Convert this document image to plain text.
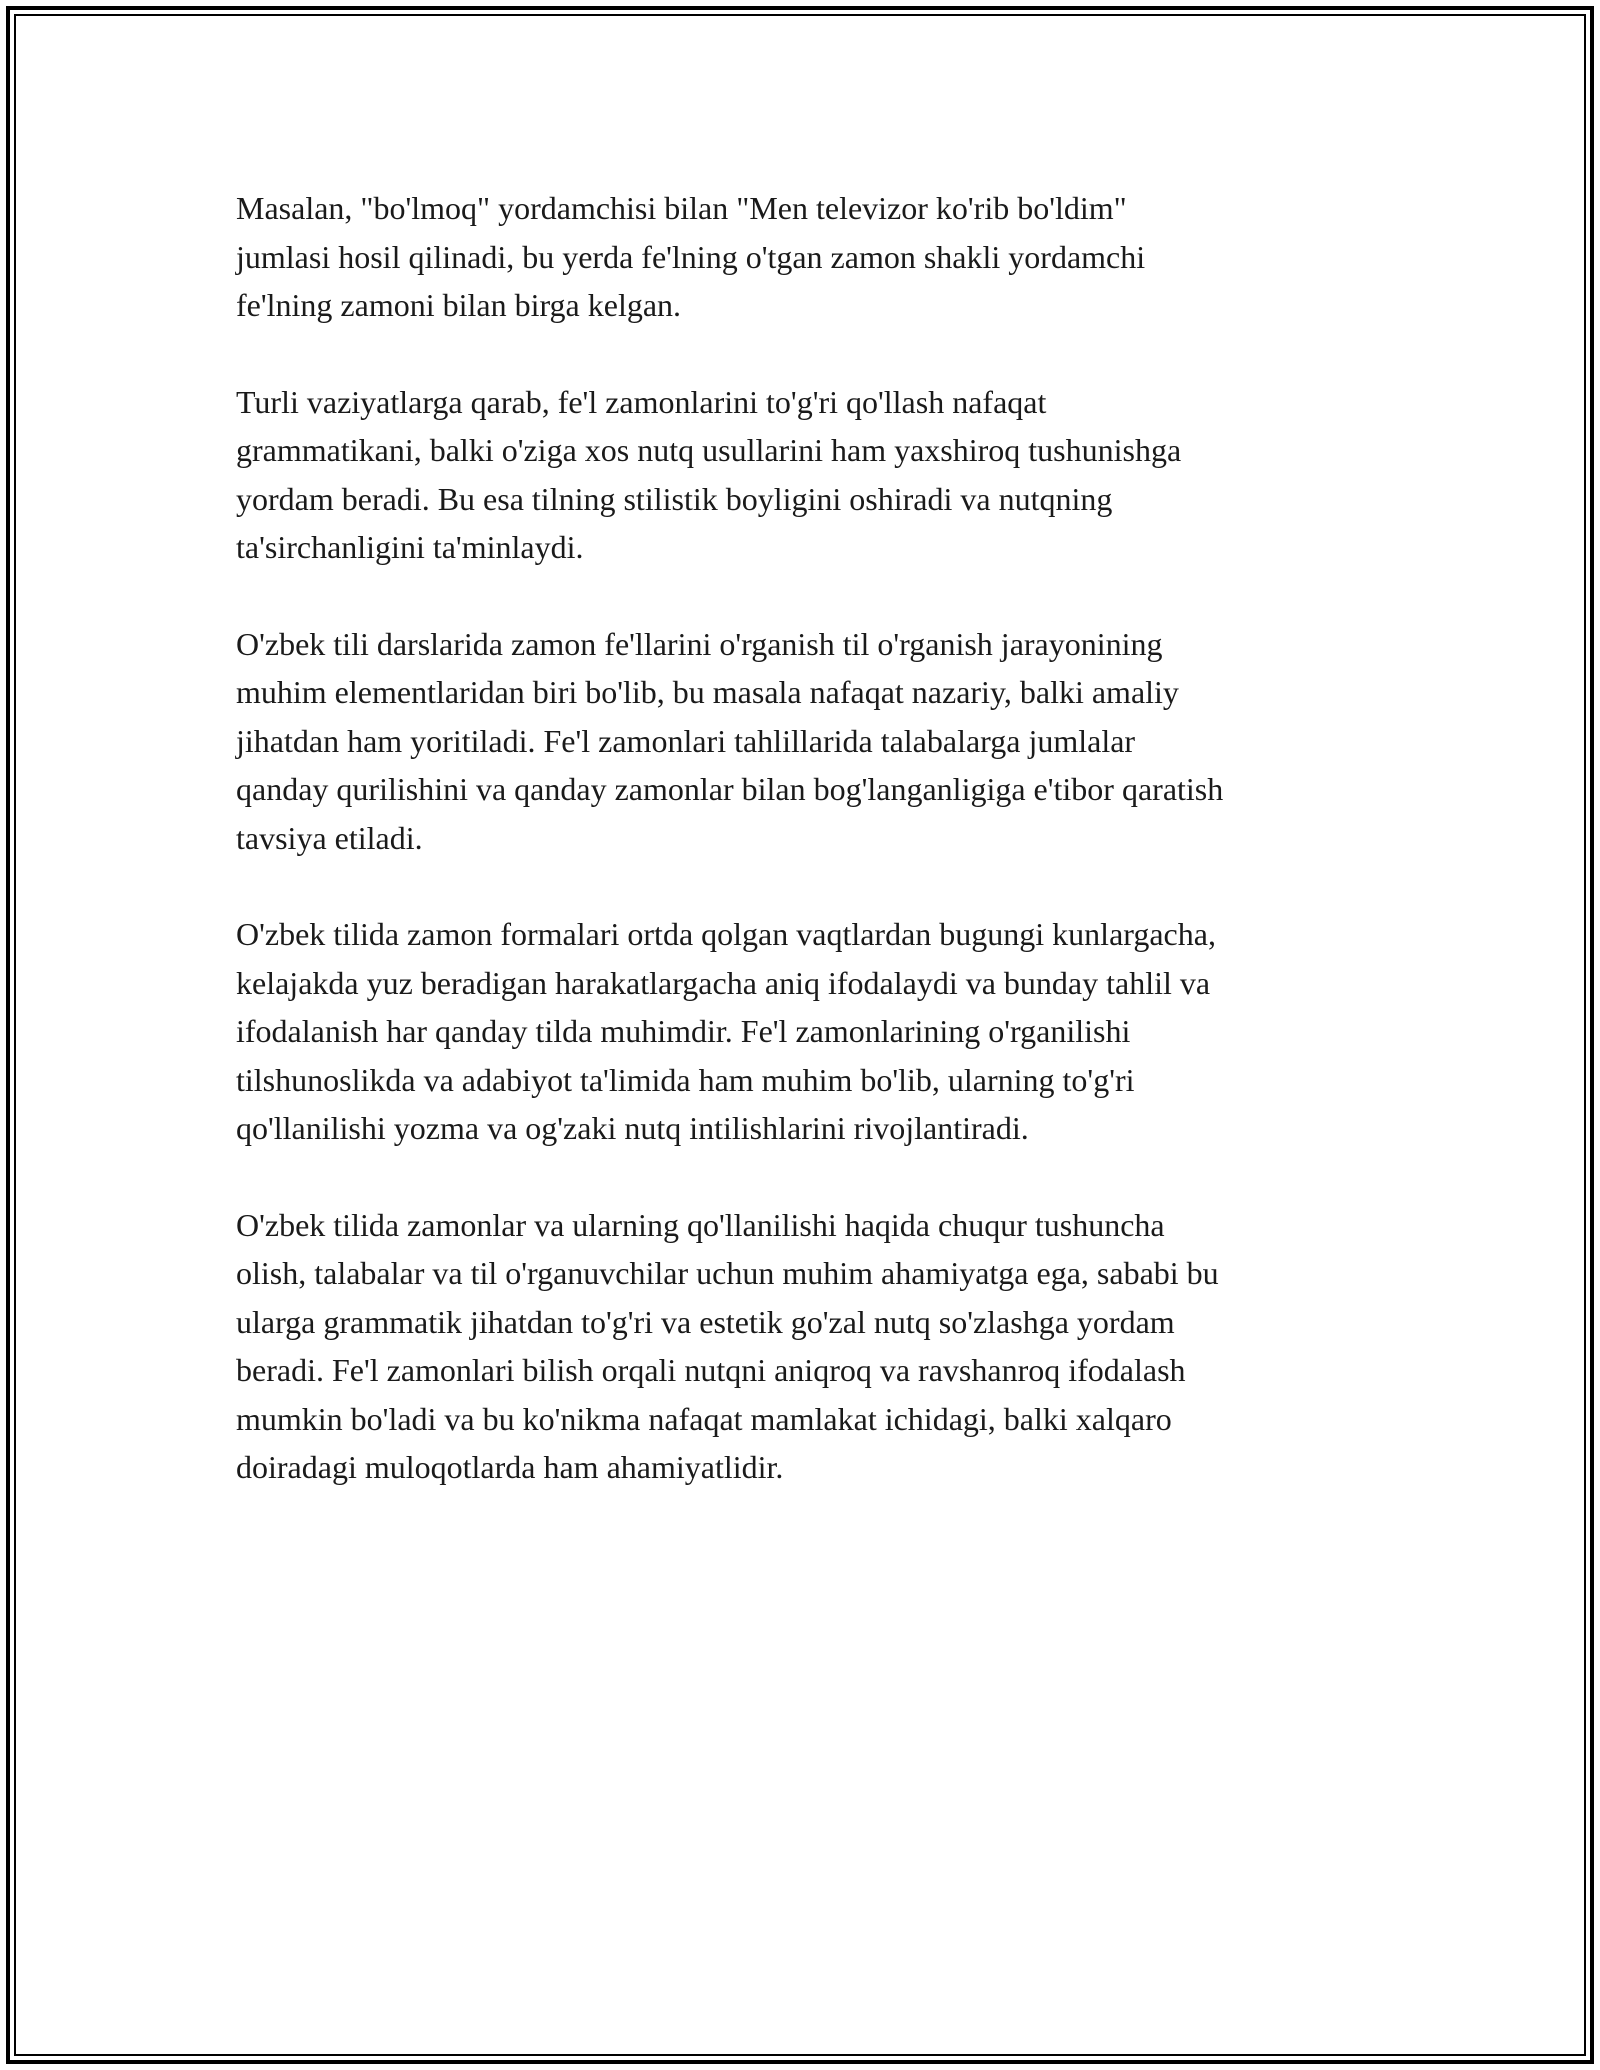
Masalan, "bo'lmoq" yordamchisi bilan "Men televizor ko'rib bo'ldim"
jumlasi hosil qilinadi, bu yerda fe'lning o'tgan zamon shakli yordamchi
fe'lning zamoni bilan birga kelgan.

Turli vaziyatlarga qarab, fe'l zamonlarini to'g'ri qo'llash nafaqat
grammatikani, balki o'ziga xos nutq usullarini ham yaxshiroq tushunishga
yordam beradi. Bu esa tilning stilistik boyligini oshiradi va nutqning
ta'sirchanligini ta'minlaydi.

O'zbek tili darslarida zamon fe'llarini o'rganish til o'rganish jarayonining
muhim elementlaridan biri bo'lib, bu masala nafaqat nazariy, balki amaliy
jihatdan ham yoritiladi. Fe'l zamonlari tahlillarida talabalarga jumlalar
qanday qurilishini va qanday zamonlar bilan bog'langanligiga e'tibor qaratish
tavsiya etiladi.

O'zbek tilida zamon formalari ortda qolgan vaqtlardan bugungi kunlargacha,
kelajakda yuz beradigan harakatlargacha aniq ifodalaydi va bunday tahlil va
ifodalanish har qanday tilda muhimdir. Fe'l zamonlarining o'rganilishi
tilshunoslikda va adabiyot ta'limida ham muhim bo'lib, ularning to'g'ri
qo'llanilishi yozma va og'zaki nutq intilishlarini rivojlantiradi.

O'zbek tilida zamonlar va ularning qo'llanilishi haqida chuqur tushuncha
olish, talabalar va til o'rganuvchilar uchun muhim ahamiyatga ega, sababi bu
ularga grammatik jihatdan to'g'ri va estetik go'zal nutq so'zlashga yordam
beradi. Fe'l zamonlari bilish orqali nutqni aniqroq va ravshanroq ifodalash
mumkin bo'ladi va bu ko'nikma nafaqat mamlakat ichidagi, balki xalqaro
doiradagi muloqotlarda ham ahamiyatlidir.
